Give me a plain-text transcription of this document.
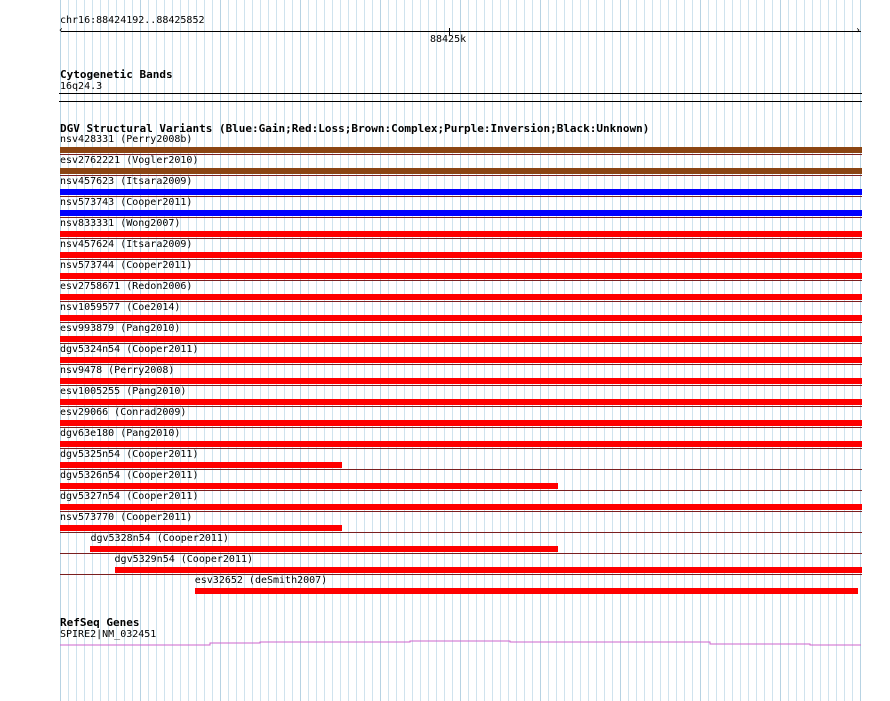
chr16:88424192..88425852
‹	›
88425k
Cytogenetic Bands
16q24.3
DGV Structural Variants (Blue:Gain;Red:Loss;Brown:Complex;Purple:Inversion;Black:Unknown)
nsv428331 (Perry2008b)
esv2762221 (Vogler2010)
nsv457623 (Itsara2009)
nsv573743 (Cooper2011)
nsv833331 (Wong2007)
nsv457624 (Itsara2009)
nsv573744 (Cooper2011)
esv2758671 (Redon2006)
nsv1059577 (Coe2014)
esv993879 (Pang2010)
dgv5324n54 (Cooper2011)
nsv9478 (Perry2008)
esv1005255 (Pang2010)
esv29066 (Conrad2009)
dgv63e180 (Pang2010)
dgv5325n54 (Cooper2011)
dgv5326n54 (Cooper2011)
dgv5327n54 (Cooper2011)
nsv573770 (Cooper2011)
dgv5328n54 (Cooper2011)
dgv5329n54 (Cooper2011)
esv32652 (deSmith2007)
RefSeq Genes
SPIRE2|NM_032451
